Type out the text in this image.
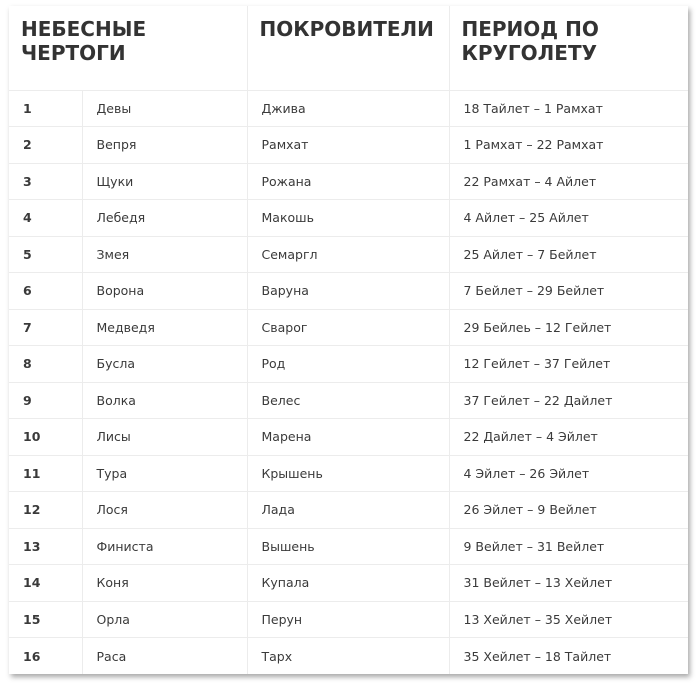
НЕБЕСНЫЕ ЧЕРТОГИ		ПОКРОВИТЕЛИ	ПЕРИОД ПО КРУГОЛЕТУ
1	Девы	Джива	18 Тайлет – 1 Рамхат
2	Вепря	Рамхат	1 Рамхат – 22 Рамхат
3	Щуки	Рожана	22 Рамхат – 4 Айлет
4	Лебедя	Макошь	4 Айлет – 25 Айлет
5	Змея	Семаргл	25 Айлет – 7 Бейлет
6	Ворона	Варуна	7 Бейлет – 29 Бейлет
7	Медведя	Сварог	29 Бейлеь – 12 Гейлет
8	Бусла	Род	12 Гейлет – 37 Гейлет
9	Волка	Велес	37 Гейлет – 22 Дайлет
10	Лисы	Марена	22 Дайлет – 4 Эйлет
11	Тура	Крышень	4 Эйлет – 26 Эйлет
12	Лося	Лада	26 Эйлет – 9 Вейлет
13	Финиста	Вышень	9 Вейлет – 31 Вейлет
14	Коня	Купала	31 Вейлет – 13 Хейлет
15	Орла	Перун	13 Хейлет – 35 Хейлет
16	Раса	Тарх	35 Хейлет – 18 Тайлет
